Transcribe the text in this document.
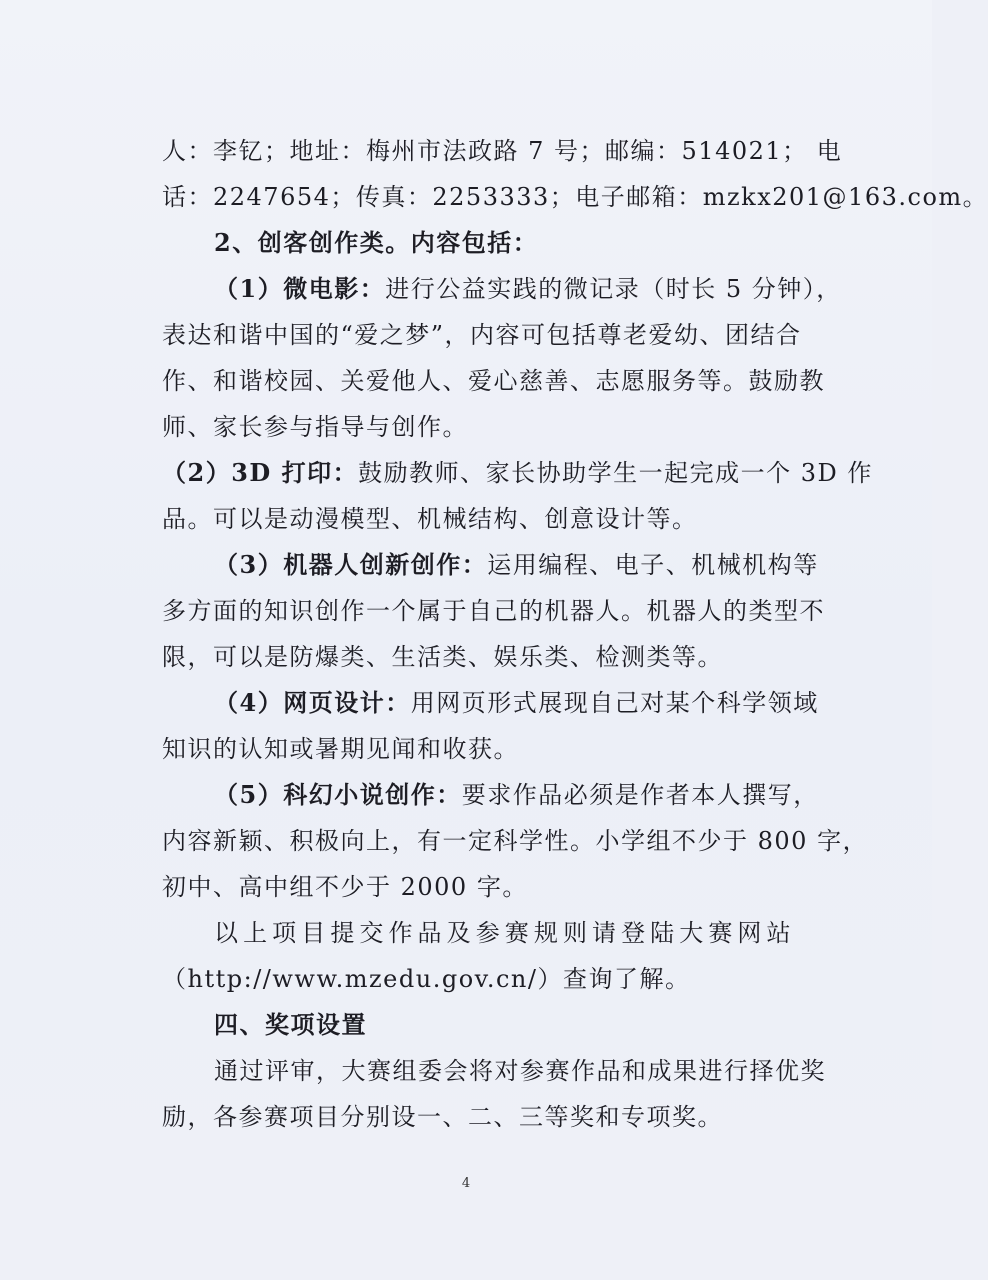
人：李钇；地址：梅州市法政路 7 号；邮编：514021； 电
话：2247654；传真：2253333；电子邮箱：mzkx201@163.com。
2、创客创作类。内容包括：
（1）微电影：进行公益实践的微记录（时长 5 分钟），
表达和谐中国的“爱之梦”，内容可包括尊老爱幼、团结合
作、和谐校园、关爱他人、爱心慈善、志愿服务等。鼓励教
师、家长参与指导与创作。
（2）3D 打印：鼓励教师、家长协助学生一起完成一个 3D 作
品。可以是动漫模型、机械结构、创意设计等。
（3）机器人创新创作：运用编程、电子、机械机构等
多方面的知识创作一个属于自己的机器人。机器人的类型不
限，可以是防爆类、生活类、娱乐类、检测类等。
（4）网页设计：用网页形式展现自己对某个科学领域
知识的认知或暑期见闻和收获。
（5）科幻小说创作：要求作品必须是作者本人撰写，
内容新颖、积极向上，有一定科学性。小学组不少于 800 字，
初中、高中组不少于 2000 字。
以上项目提交作品及参赛规则请登陆大赛网站
（http://www.mzedu.gov.cn/）查询了解。
四、奖项设置
通过评审，大赛组委会将对参赛作品和成果进行择优奖
励，各参赛项目分别设一、二、三等奖和专项奖。
4
